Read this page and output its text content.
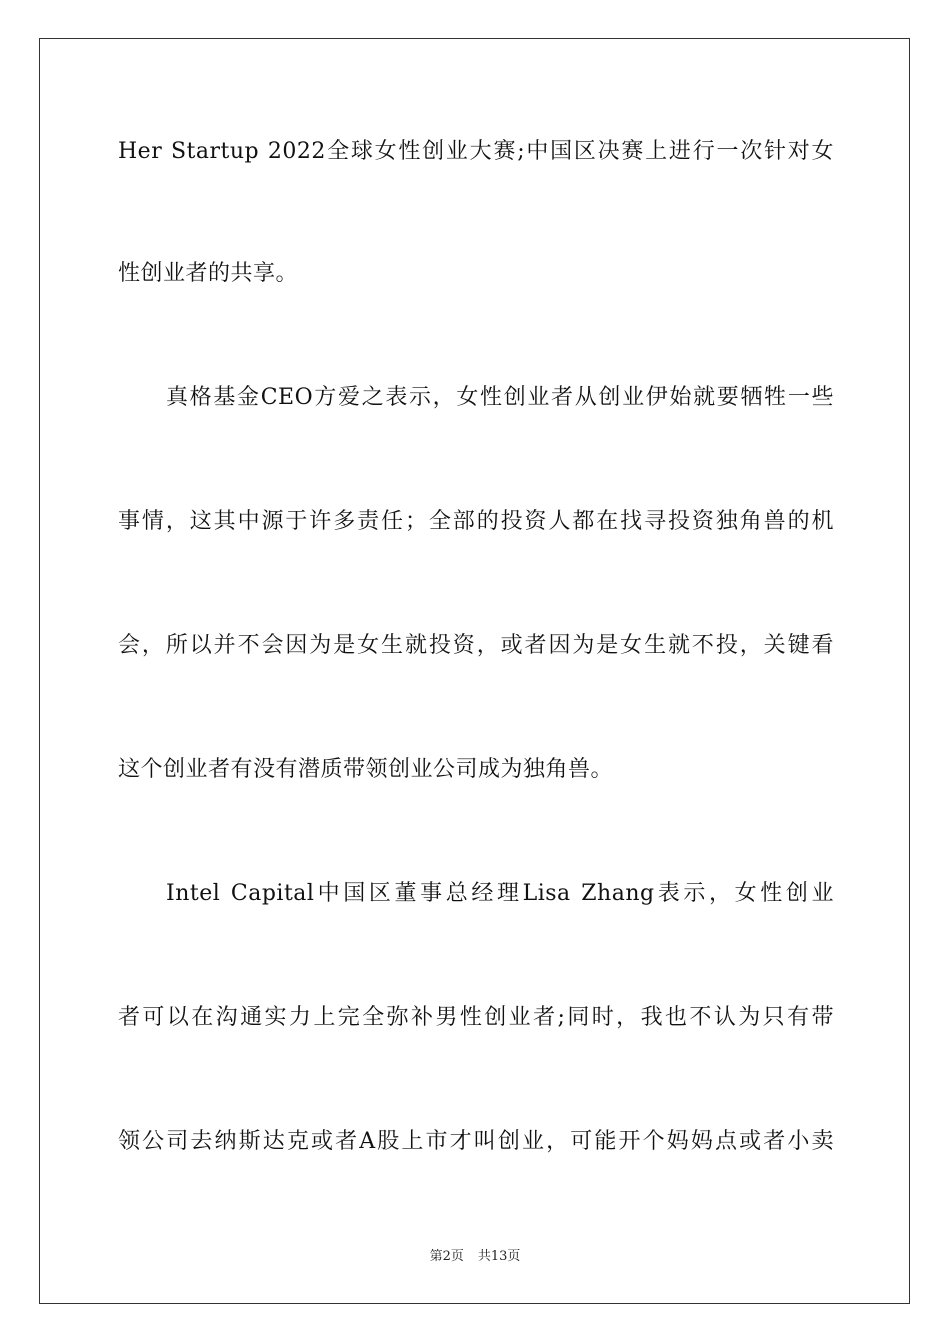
Her Startup 2022全球女性创业大赛;中国区决赛上进行一次针对女
性创业者的共享。
真格基金CEO方爱之表示，女性创业者从创业伊始就要牺牲一些
事情，这其中源于许多责任；全部的投资人都在找寻投资独角兽的机
会，所以并不会因为是女生就投资，或者因为是女生就不投，关键看
这个创业者有没有潜质带领创业公司成为独角兽。
Intel Capital中国区董事总经理Lisa Zhang表示，女性创业
者可以在沟通实力上完全弥补男性创业者;同时，我也不认为只有带
领公司去纳斯达克或者A股上市才叫创业，可能开个妈妈点或者小卖
第2页 共13页
